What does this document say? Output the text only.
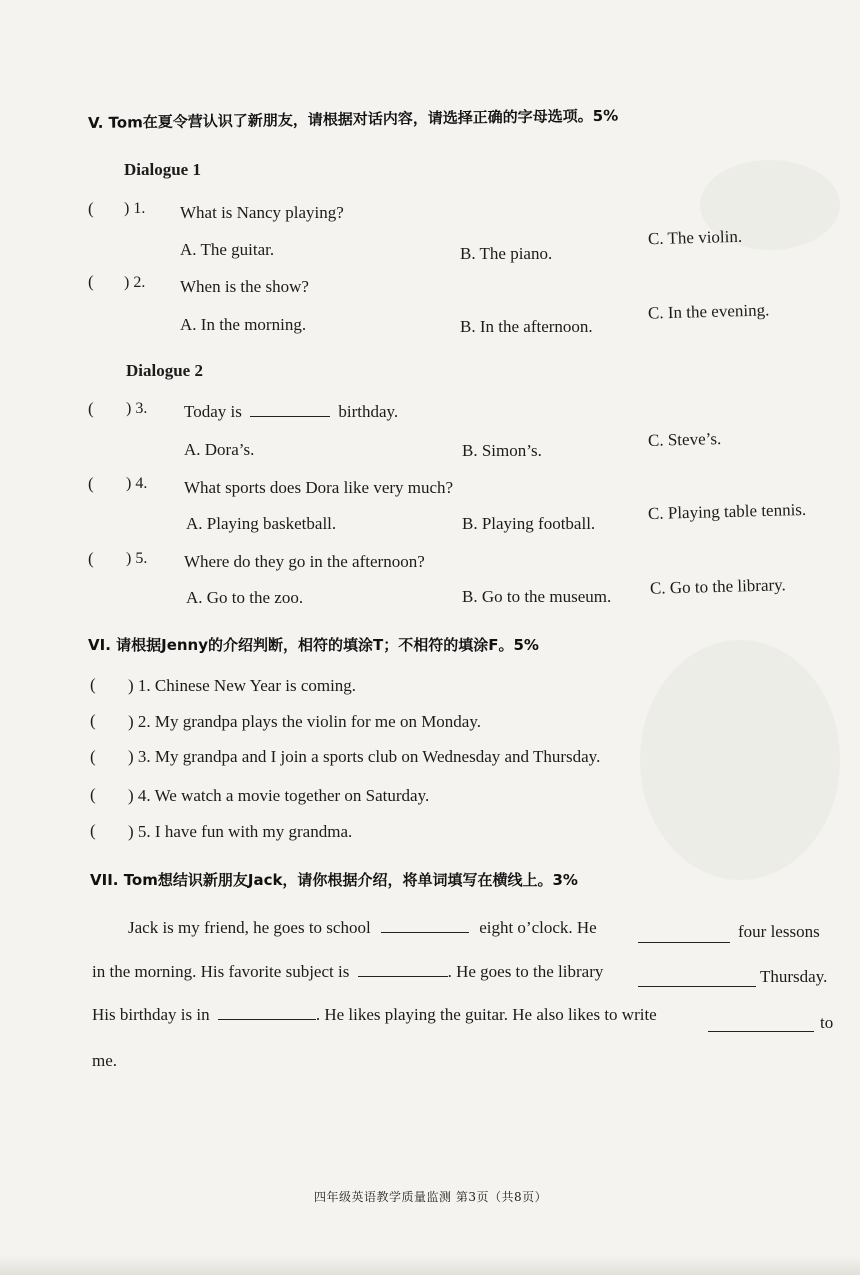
V. Tom在夏令营认识了新朋友，请根据对话内容，请选择正确的字母选项。5%
Dialogue 1
( ) 1. What is Nancy playing?
A. The guitar.	B. The piano.
C. The violin.
( ) 2. When is the show?
A. In the morning.	B. In the afternoon.
C. In the evening.
Dialogue 2
( ) 3. Today is	birthday.
A. Dora’s.	B. Simon’s.
C. Steve’s.
( ) 4. What sports does Dora like very much?
A. Playing basketball.	B. Playing football.
C. Playing table tennis.
( ) 5. Where do they go in the afternoon?
A. Go to the zoo.	B. Go to the museum. C. Go to the library.
VI. 请根据Jenny的介绍判断，相符的填涂T；不相符的填涂F。5%
( ) 1. Chinese New Year is coming.
( ) 2. My grandpa plays the violin for me on Monday.
( ) 3. My grandpa and I join a sports club on Wednesday and Thursday.
( ) 4. We watch a movie together on Saturday.
( ) 5. I have fun with my grandma.
VII. Tom想结识新朋友Jack，请你根据介绍，将单词填写在横线上。3%
Jack is my friend, he goes to school	eight o’clock. He	four lessons
in the morning. His favorite subject is	. He goes to the library	Thursday.
His birthday is in	. He likes playing the guitar. He also likes to write	to
me.
四年级英语教学质量监测 第3页（共8页）
